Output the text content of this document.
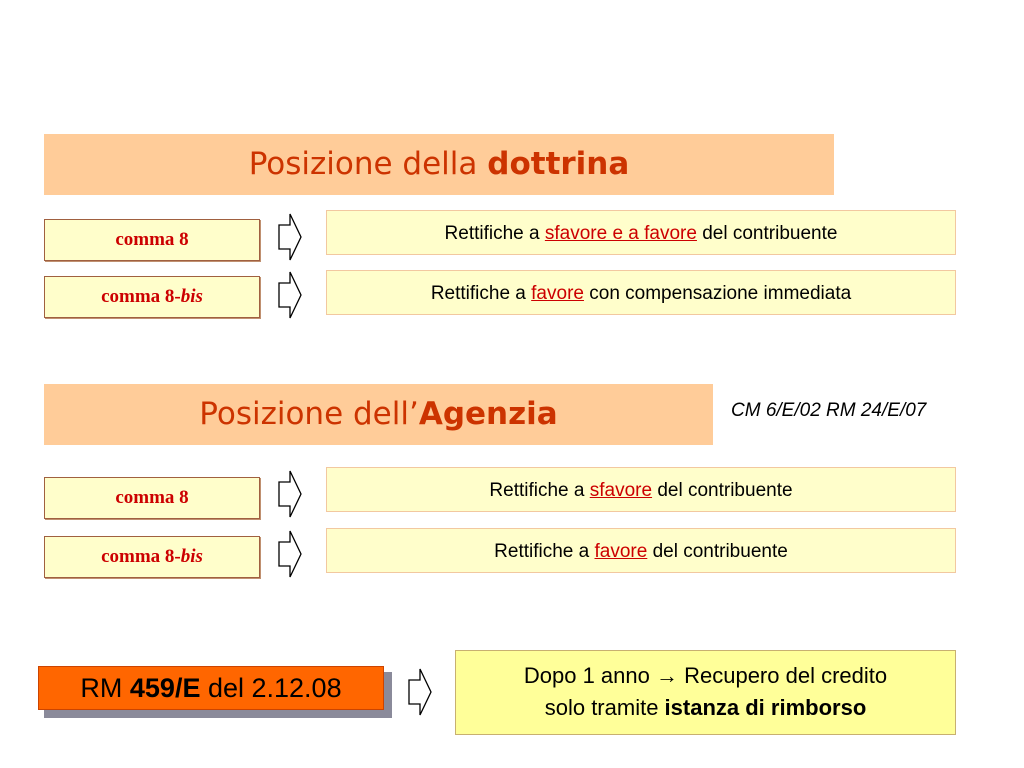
Posizione della dottrina
comma 8	Rettifiche a sfavore e a favore del contribuente
comma 8-bis	Rettifiche a favore con compensazione immediata
Posizione dell’Agenzia	CM 6/E/02 RM 24/E/07
comma 8	Rettifiche a sfavore del contribuente
comma 8-bis	Rettifiche a favore del contribuente
RM 459/E del 2.12.08	Dopo 1 anno → Recupero del credito
solo tramite istanza di rimborso
